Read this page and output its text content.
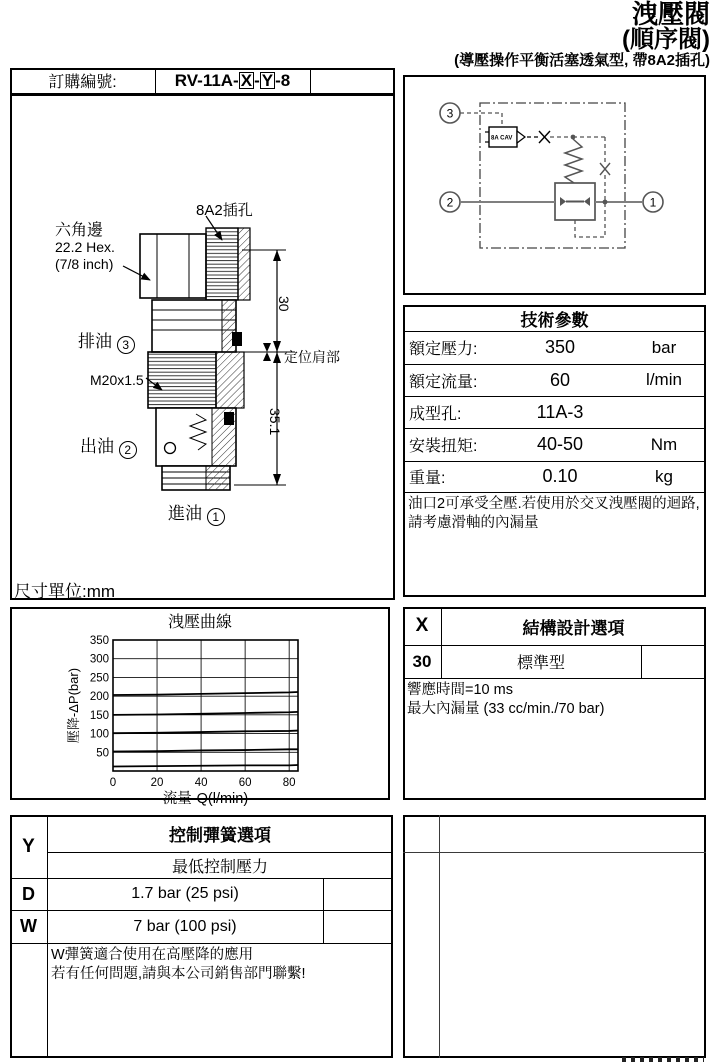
洩壓閥
(順序閥)
(導壓操作平衡活塞透氣型, 帶8A2插孔)
訂購編號:	RV-11A- X - Y -8
8A2插孔
六角邊
22.2 Hex.
(7/8 inch)
排油 3
M20x1.5
出油 2
進油 1
定位肩部
30
35.1
尺寸單位:mm
3
8A CAV
2	1
技術參數
額定壓力:	350	bar
額定流量:	60	l/min
成型孔:	11A-3
安裝扭矩:	40-50	Nm
重量:	0.10	kg
油口2可承受全壓.若使用於交叉洩壓閥的迴路,
請考慮滑軸的內漏量
洩壓曲線
50
100
150
200
250
300
350
0	20	40	60	80
流量-Q(l/min)
壓降-ΔP(bar)
X	結構設計選項
30	標準型
響應時間=10 ms
最大內漏量 (33 cc/min./70 bar)
Y	控制彈簧選項
最低控制壓力
D	1.7 bar (25 psi)
W	7 bar (100 psi)
W彈簧適合使用在高壓降的應用
若有任何問題,請與本公司銷售部門聯繫!
